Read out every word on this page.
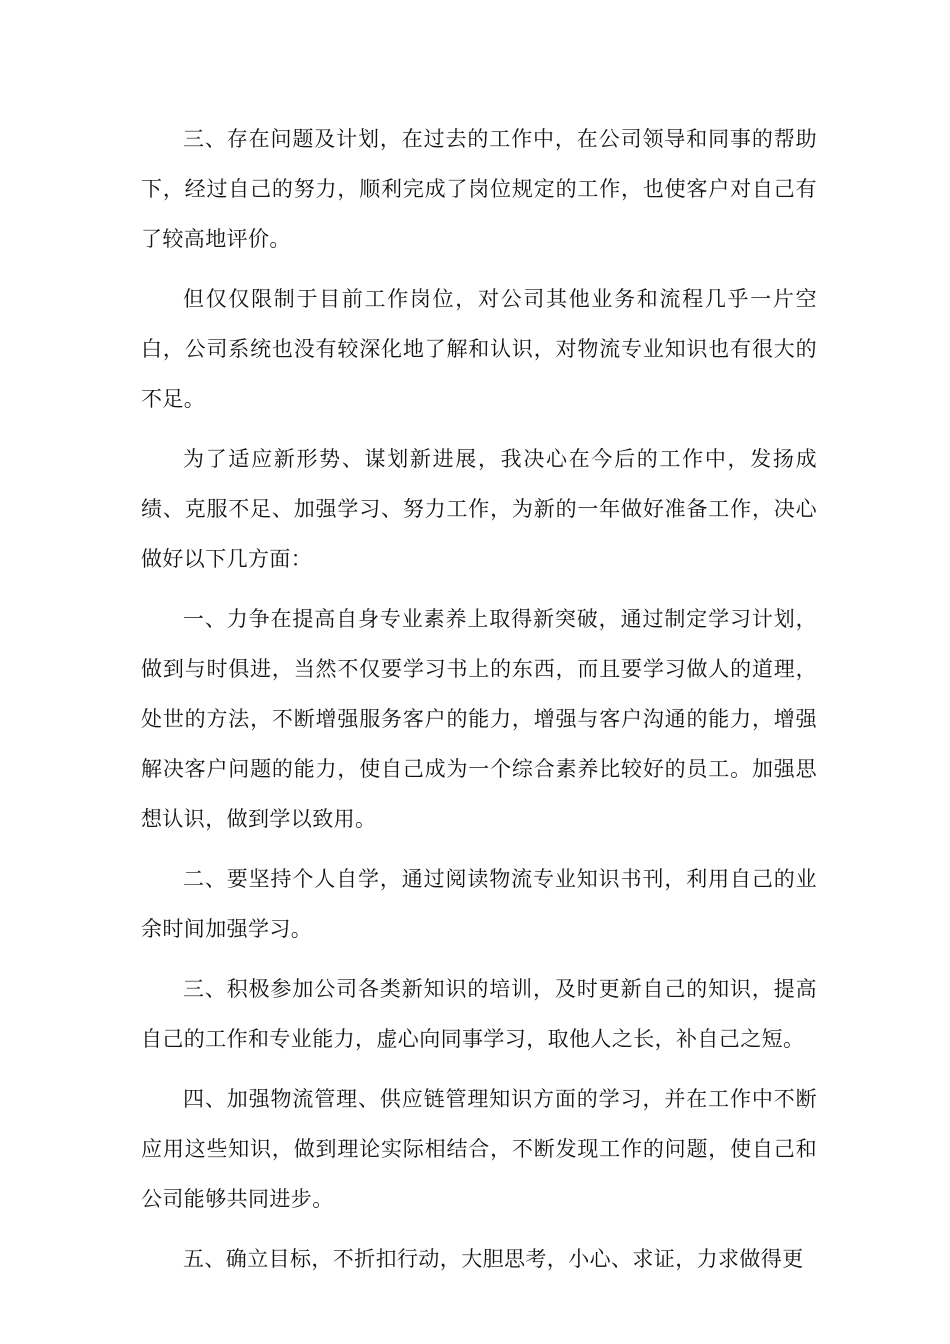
三、存在问题及计划，在过去的工作中，在公司领导和同事的帮助下，经过自己的努力，顺利完成了岗位规定的工作，也使客户对自己有了较高地评价。

但仅仅限制于目前工作岗位，对公司其他业务和流程几乎一片空白，公司系统也没有较深化地了解和认识，对物流专业知识也有很大的不足。

为了适应新形势、谋划新进展，我决心在今后的工作中，发扬成绩、克服不足、加强学习、努力工作，为新的一年做好准备工作，决心做好以下几方面：

一、力争在提高自身专业素养上取得新突破，通过制定学习计划，做到与时俱进，当然不仅要学习书上的东西，而且要学习做人的道理，处世的方法，不断增强服务客户的能力，增强与客户沟通的能力，增强解决客户问题的能力，使自己成为一个综合素养比较好的员工。加强思想认识，做到学以致用。

二、要坚持个人自学，通过阅读物流专业知识书刊，利用自己的业余时间加强学习。

三、积极参加公司各类新知识的培训，及时更新自己的知识，提高自己的工作和专业能力，虚心向同事学习，取他人之长，补自己之短。

四、加强物流管理、供应链管理知识方面的学习，并在工作中不断应用这些知识，做到理论实际相结合，不断发现工作的问题，使自己和公司能够共同进步。

五、确立目标，不折扣行动，大胆思考，小心、求证，力求做得更
